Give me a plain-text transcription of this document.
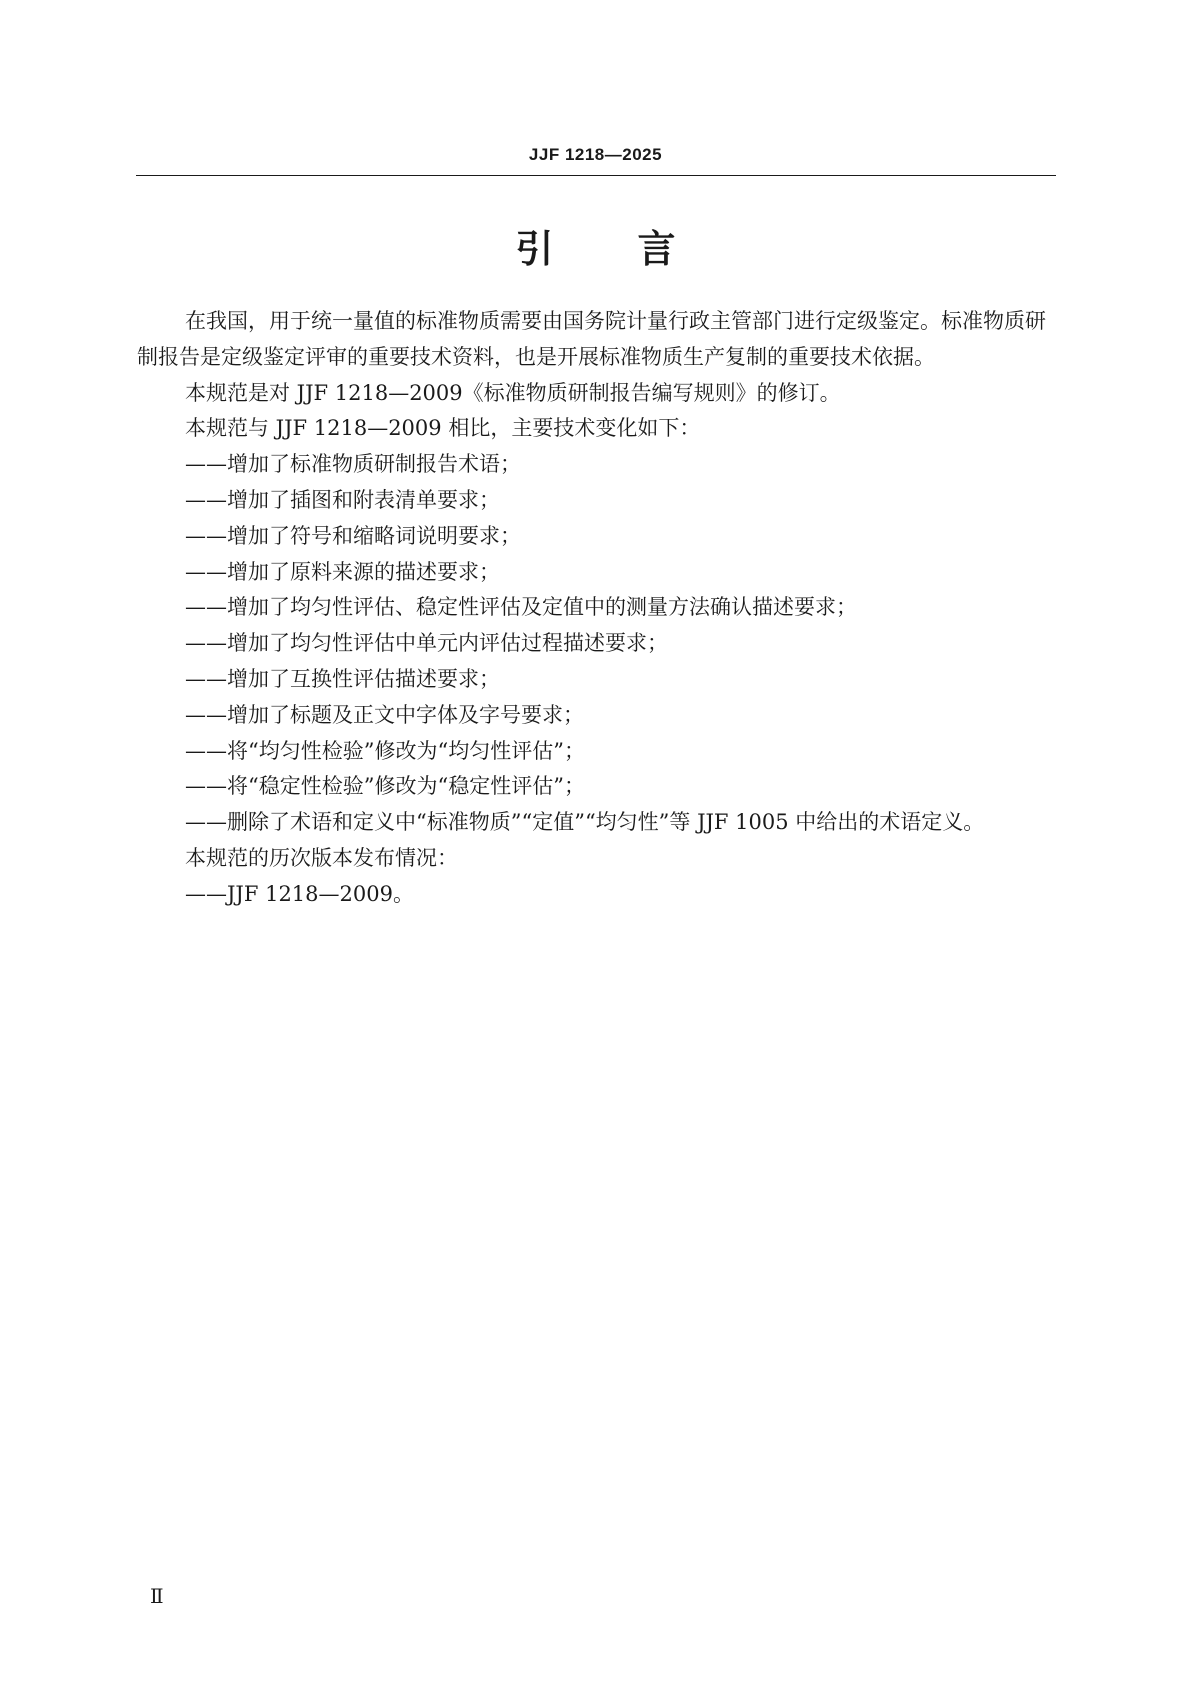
JJF 1218—2025
引 言

在我国，用于统一量值的标准物质需要由国务院计量行政主管部门进行定级鉴定。标准物质研制报告是定级鉴定评审的重要技术资料，也是开展标准物质生产复制的重要技术依据。

本规范是对 JJF 1218—2009《标准物质研制报告编写规则》的修订。

本规范与 JJF 1218—2009 相比，主要技术变化如下：

——增加了标准物质研制报告术语；

——增加了插图和附表清单要求；

——增加了符号和缩略词说明要求；

——增加了原料来源的描述要求；

——增加了均匀性评估、稳定性评估及定值中的测量方法确认描述要求；

——增加了均匀性评估中单元内评估过程描述要求；

——增加了互换性评估描述要求；

——增加了标题及正文中字体及字号要求；

——将“均匀性检验”修改为“均匀性评估”；

——将“稳定性检验”修改为“稳定性评估”；

——删除了术语和定义中“标准物质”“定值”“均匀性”等 JJF 1005 中给出的术语定义。

本规范的历次版本发布情况：

——JJF 1218—2009。

Ⅱ
